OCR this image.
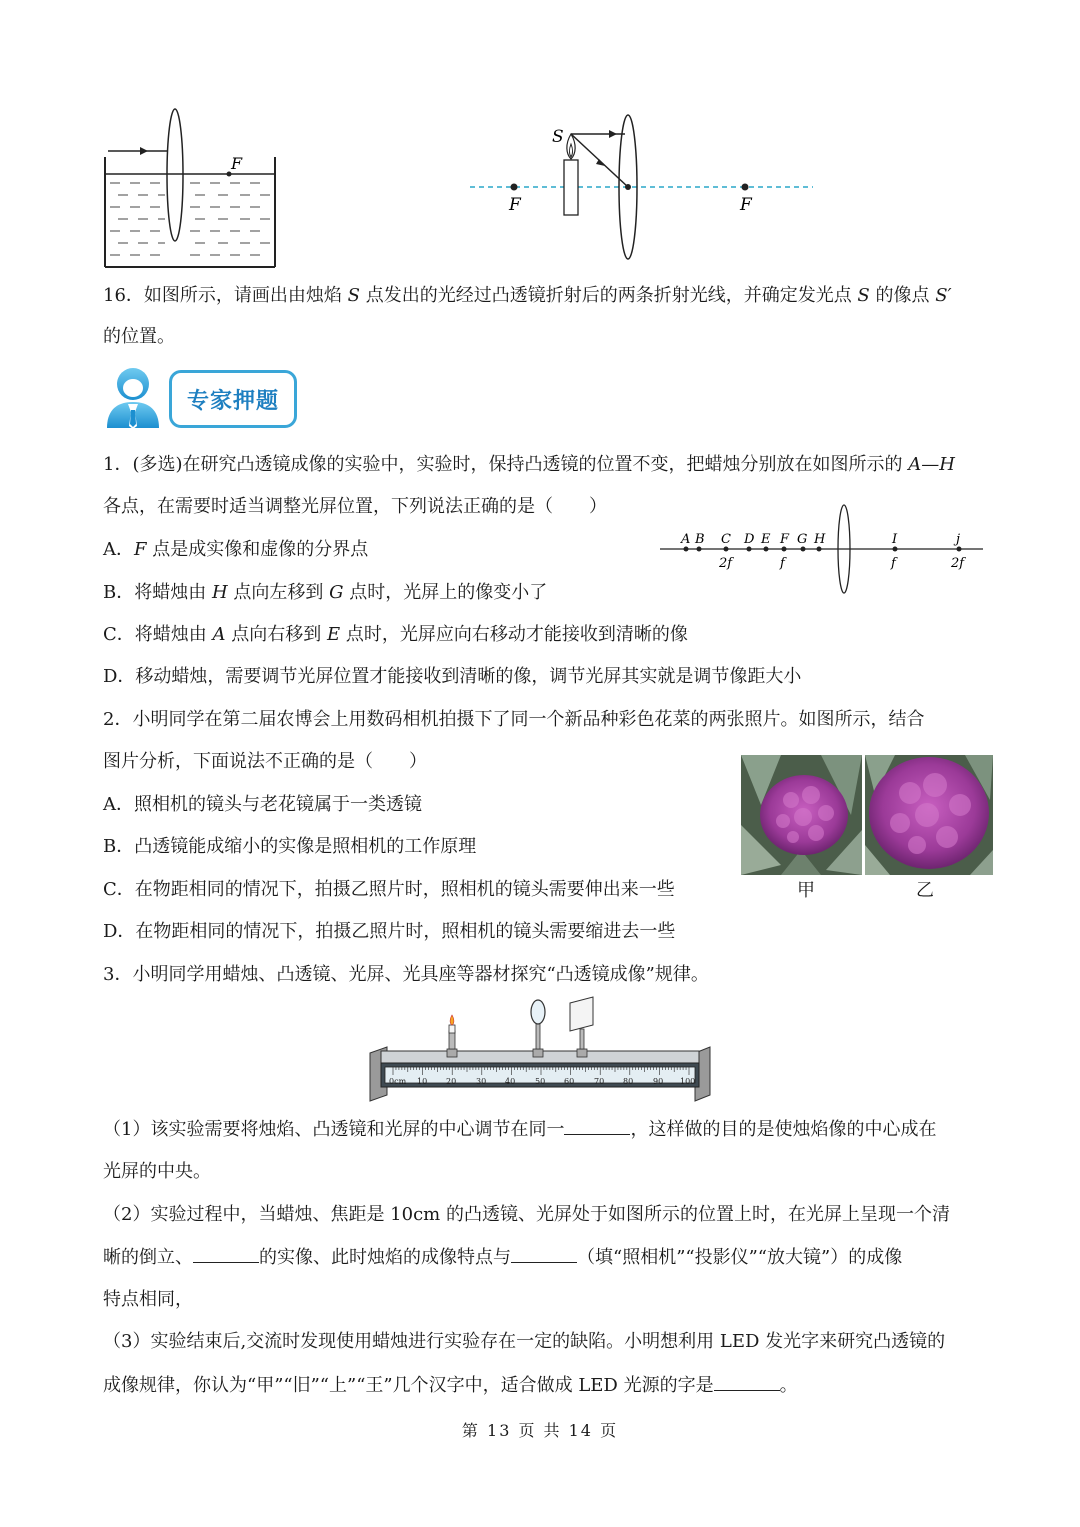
F
S
F	F
16．如图所示，请画出由烛焰 S 点发出的光经过凸透镜折射后的两条折射光线，并确定发光点 S 的像点 S′
的位置。
专家押题
1．(多选)在研究凸透镜成像的实验中，实验时，保持凸透镜的位置不变，把蜡烛分别放在如图所示的 A—H
各点，在需要时适当调整光屏位置，下列说法正确的是（　　）
A．F 点是成实像和虚像的分界点
B．将蜡烛由 H 点向左移到 G 点时，光屏上的像变小了
C．将蜡烛由 A 点向右移到 E 点时，光屏应向右移动才能接收到清晰的像
D．移动蜡烛，需要调节光屏位置才能接收到清晰的像，调节光屏其实就是调节像距大小
A B C D E F G H	I	j
2f	f	f	2f
2．小明同学在第二届农博会上用数码相机拍摄下了同一个新品种彩色花菜的两张照片。如图所示，结合
图片分析，下面说法不正确的是（　　）
A．照相机的镜头与老花镜属于一类透镜
B．凸透镜能成缩小的实像是照相机的工作原理
C．在物距相同的情况下，拍摄乙照片时，照相机的镜头需要伸出来一些
D．在物距相同的情况下，拍摄乙照片时，照相机的镜头需要缩进去一些
甲	乙
3．小明同学用蜡烛、凸透镜、光屏、光具座等器材探究“凸透镜成像”规律。
0cm 10 20 30 40 50 60 70 80 90 100
（1）该实验需要将烛焰、凸透镜和光屏的中心调节在同一	，这样做的目的是使烛焰像的中心成在
光屏的中央。
（2）实验过程中，当蜡烛、焦距是 10cm 的凸透镜、光屏处于如图所示的位置上时，在光屏上呈现一个清
晰的倒立、	的实像、此时烛焰的成像特点与	（填“照相机”“投影仪”“放大镜”）的成像
特点相同，
（3）实验结束后,交流时发现使用蜡烛进行实验存在一定的缺陷。小明想利用 LED 发光字来研究凸透镜的
成像规律，你认为“甲”“旧”“上”“王”几个汉字中，适合做成 LED 光源的字是	。
第 13 页 共 14 页
